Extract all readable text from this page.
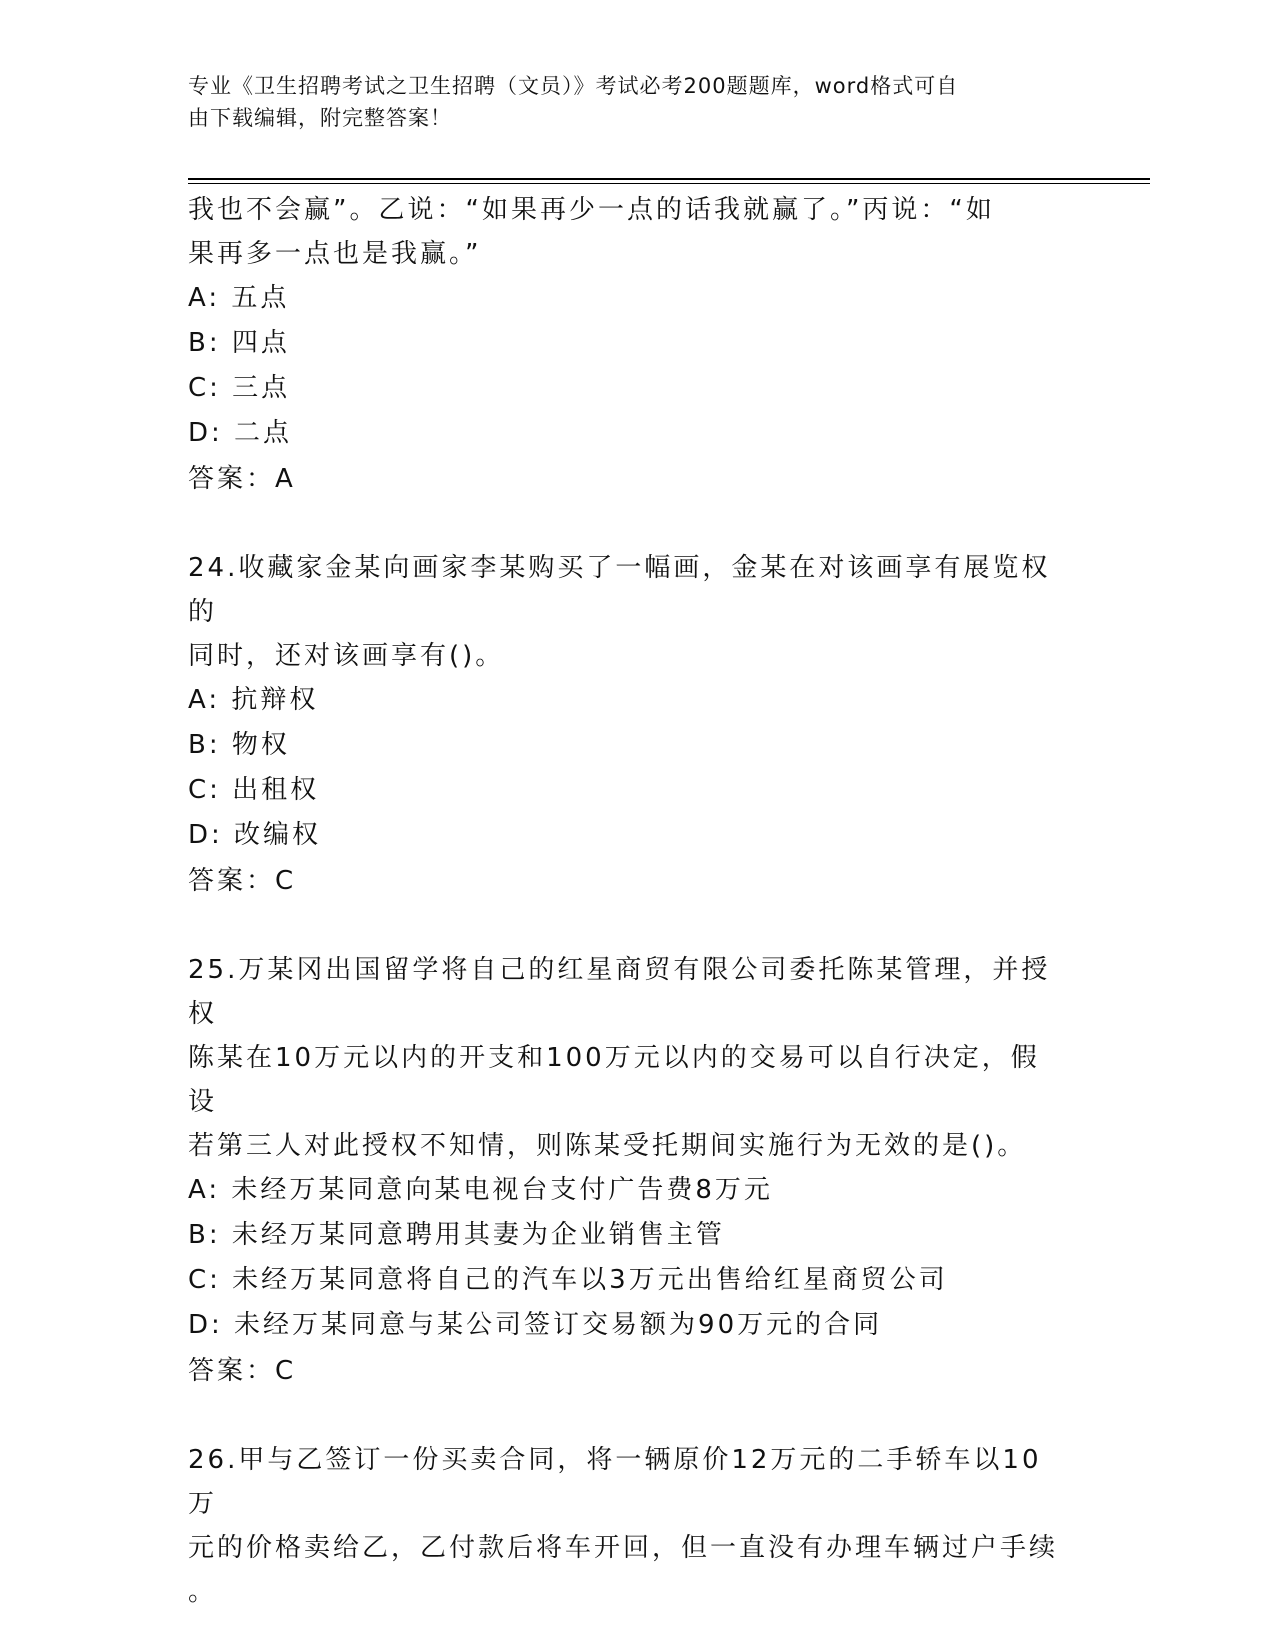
专业《卫生招聘考试之卫生招聘（文员）》考试必考200题题库，word格式可自
由下载编辑，附完整答案！

我也不会赢”。乙说：“如果再少一点的话我就赢了。”丙说：“如

果再多一点也是我赢。”

A: 五点

B: 四点

C: 三点

D: 二点

答案：A

24.收藏家金某向画家李某购买了一幅画，金某在对该画享有展览权的

同时，还对该画享有()。

A: 抗辩权

B: 物权

C: 出租权

D: 改编权

答案：C

25.万某冈出国留学将自己的红星商贸有限公司委托陈某管理，并授权

陈某在10万元以内的开支和100万元以内的交易可以自行决定，假设

若第三人对此授权不知情，则陈某受托期间实施行为无效的是()。

A: 未经万某同意向某电视台支付广告费8万元

B: 未经万某同意聘用其妻为企业销售主管

C: 未经万某同意将自己的汽车以3万元出售给红星商贸公司

D: 未经万某同意与某公司签订交易额为90万元的合同

答案：C

26.甲与乙签订一份买卖合同，将一辆原价12万元的二手轿车以10万

元的价格卖给乙，乙付款后将车开回，但一直没有办理车辆过户手续

。
